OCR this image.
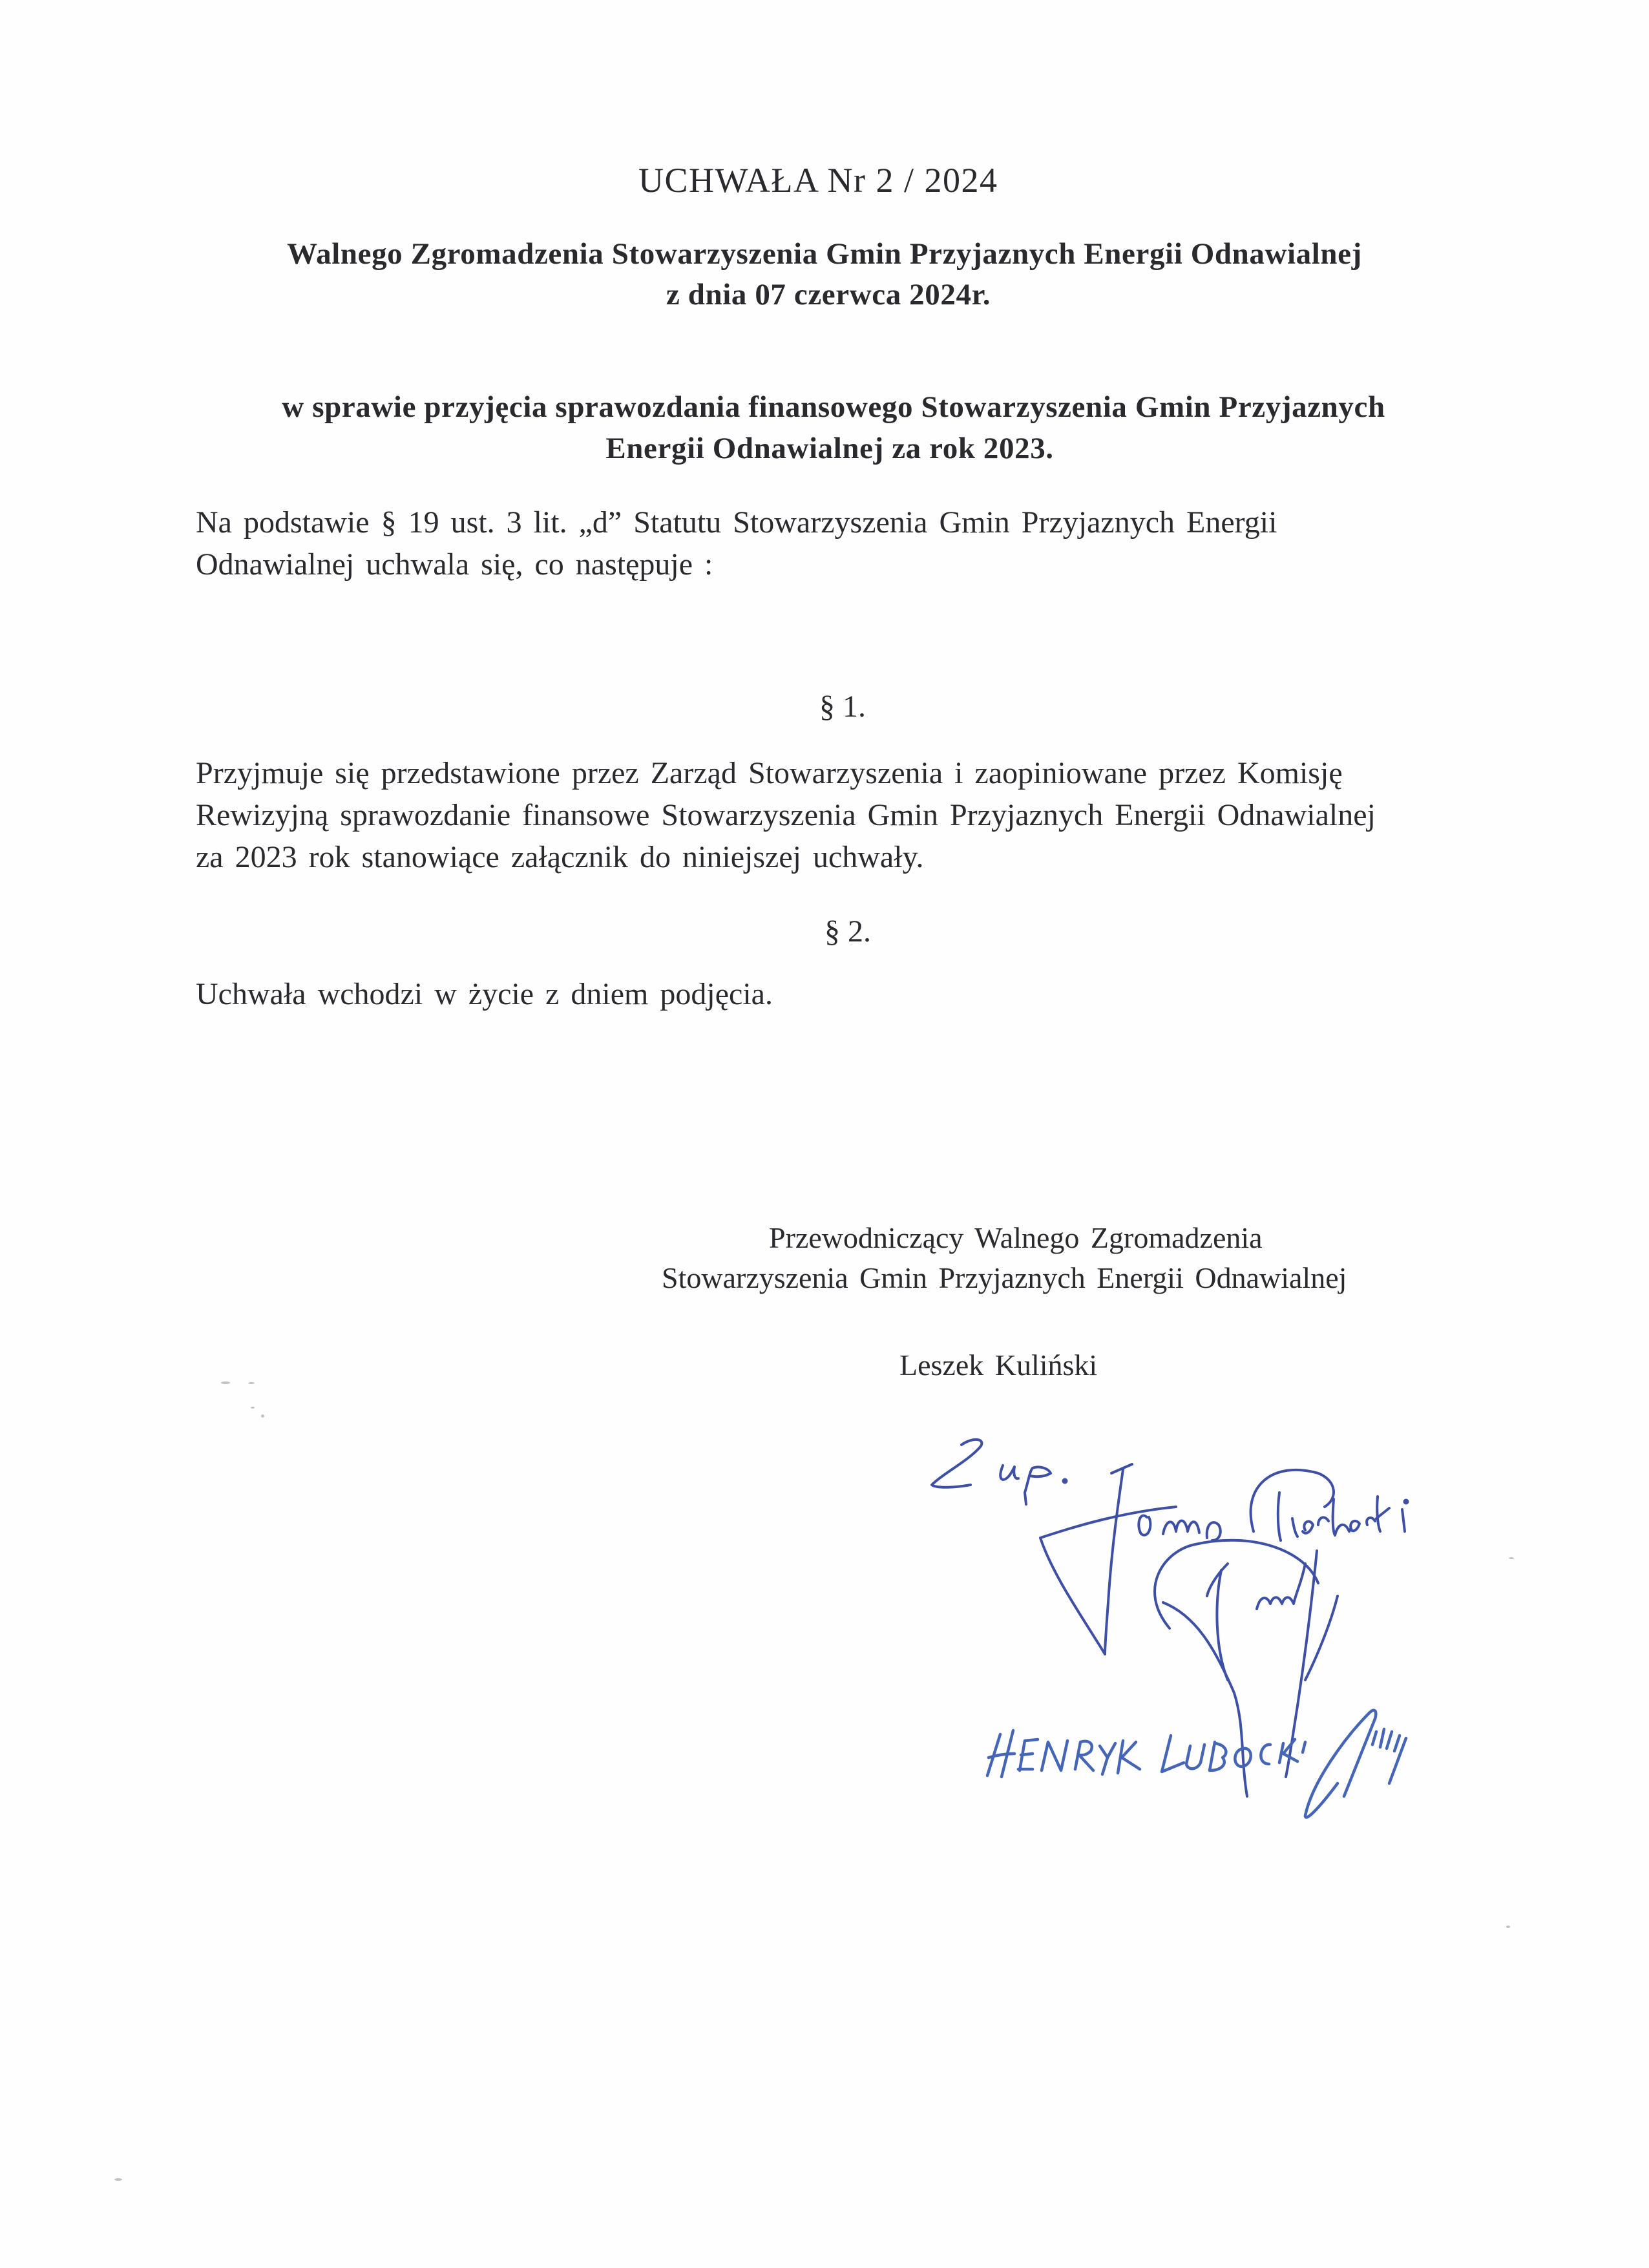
UCHWAŁA Nr 2 / 2024
Walnego Zgromadzenia Stowarzyszenia Gmin Przyjaznych Energii Odnawialnej
z dnia 07 czerwca 2024r.
w sprawie przyjęcia sprawozdania finansowego Stowarzyszenia Gmin Przyjaznych
Energii Odnawialnej za rok 2023.
Na podstawie § 19 ust. 3 lit. „d” Statutu Stowarzyszenia Gmin Przyjaznych Energii
Odnawialnej uchwala się, co następuje :
§ 1.
Przyjmuje się przedstawione przez Zarząd Stowarzyszenia i zaopiniowane przez Komisję
Rewizyjną sprawozdanie finansowe Stowarzyszenia Gmin Przyjaznych Energii Odnawialnej
za 2023 rok stanowiące załącznik do niniejszej uchwały.
§ 2.
Uchwała wchodzi w życie z dniem podjęcia.
Przewodniczący Walnego Zgromadzenia
Stowarzyszenia Gmin Przyjaznych Energii Odnawialnej
Leszek Kuliński
